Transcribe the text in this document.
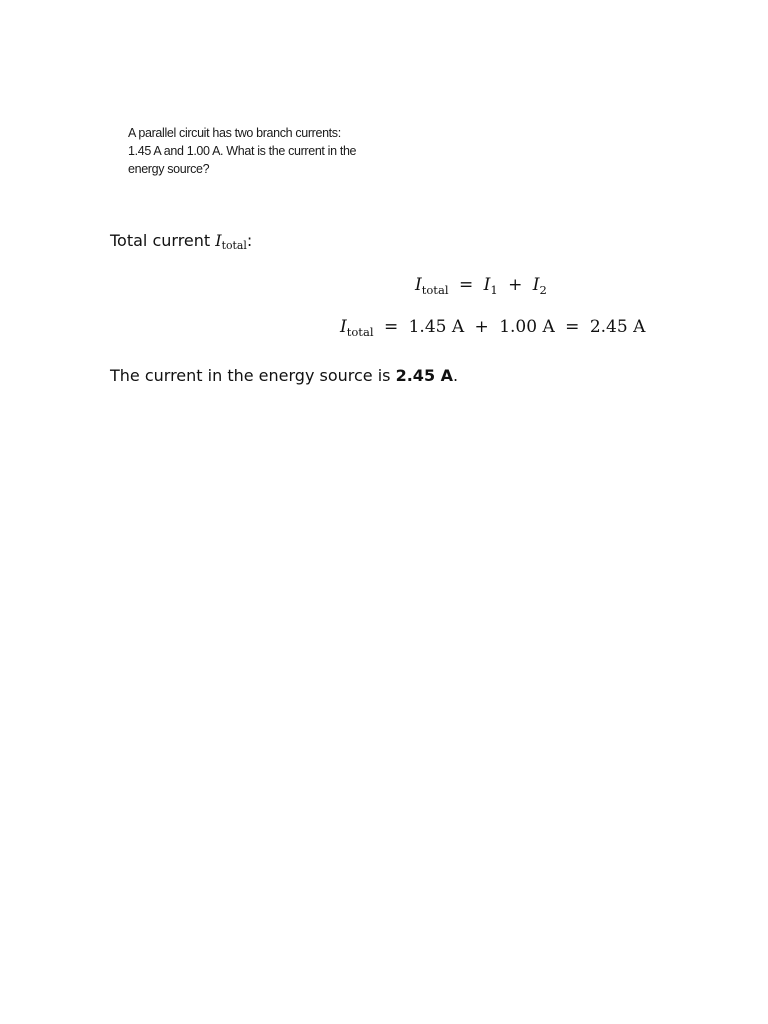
A parallel circuit has two branch currents:
1.45 A and 1.00 A. What is the current in the
energy source?
Total current $I_{total}$:
$I_{total} = I_1 + I_2$
$I_{total} = 1.45$ A + 1.00 A = 2.45 A
The current in the energy source is 2.45 A.
